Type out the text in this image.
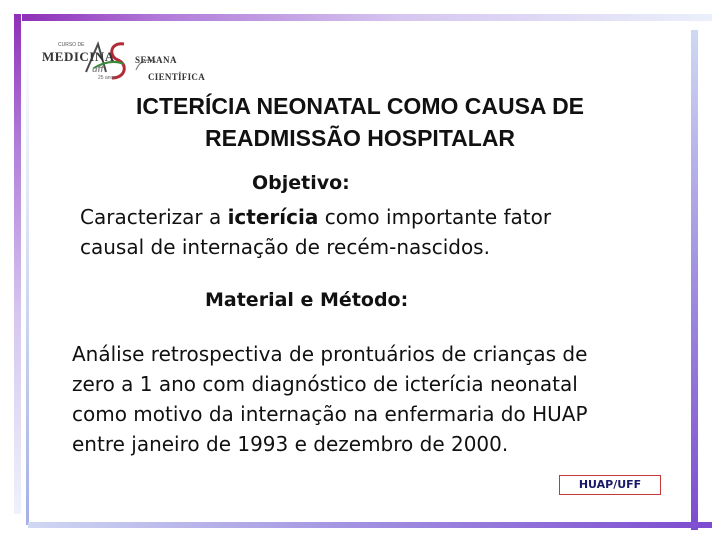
CURSO DE
MEDICINA
uff
25 anos
SEMANA
CIENTÍFICA
ICTERÍCIA NEONATAL COMO CAUSA DE
READMISSÃO HOSPITALAR
Objetivo:
Caracterizar a icterícia como importante fator
causal de internação de recém-nascidos.
Material e Método:
Análise retrospectiva de prontuários de crianças de
zero a 1 ano com diagnóstico de icterícia neonatal
como motivo da internação na enfermaria do HUAP
entre janeiro de 1993 e dezembro de 2000.
HUAP/UFF
